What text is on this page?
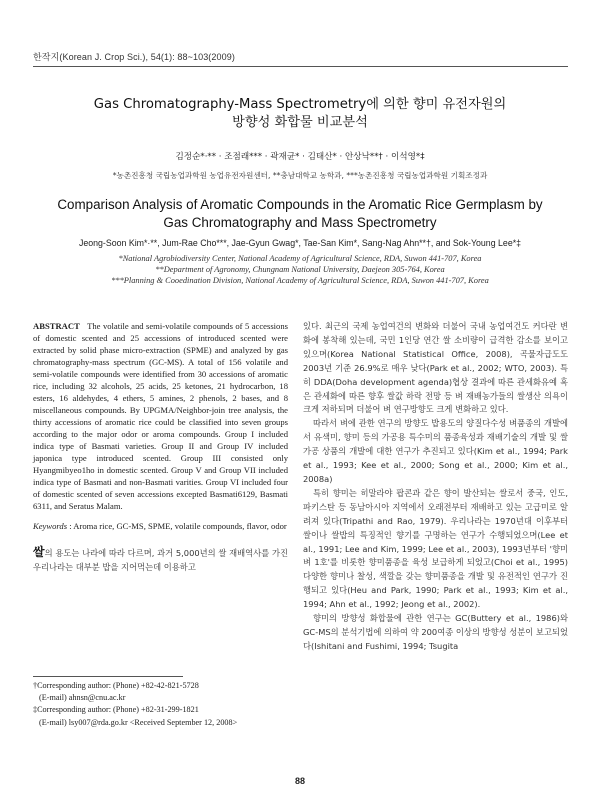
한작지(Korean J. Crop Sci.), 54(1): 88~103(2009)
Gas Chromatography-Mass Spectrometry에 의한 향미 유전자원의
방향성 화합물 비교분석
김정순*·** · 조점래*** · 곽재균* · 김태산* · 안상낙**† · 이석영*‡
*농촌진흥청 국립농업과학원 농업유전자원센터, **충남대학교 농학과, ***농촌진흥청 국립농업과학원 기획조정과
Comparison Analysis of Aromatic Compounds in the Aromatic Rice Germplasm by
Gas Chromatography and Mass Spectrometry
Jeong-Soon Kim*·**, Jum-Rae Cho***, Jae-Gyun Gwag*, Tae-San Kim*, Sang-Nag Ahn**†, and Sok-Young Lee*‡
*National Agrobiodiversity Center, National Academy of Agricultural Science, RDA, Suwon 441-707, Korea
**Department of Agronomy, Chungnam National University, Daejeon 305-764, Korea
***Planning & Cooedination Division, National Academy of Agricultural Science, RDA, Suwon 441-707, Korea

ABSTRACT The volatile and semi-volatile compounds of 5 accessions of domestic scented and 25 accessions of introduced scented were extracted by solid phase micro-extraction (SPME) and analyzed by gas chromatography-mass spectrum (GC-MS). A total of 156 volatile and semi-volatile compounds were identified from 30 accessions of aromatic rice, including 32 alcohols, 25 acids, 25 ketones, 21 hydrocarbon, 18 esters, 16 aldehydes, 4 ethers, 5 amines, 2 phenols, 2 bases, and 8 miscellaneous compounds. By UPGMA/Neighbor-join tree analysis, the thirty accessions of aromatic rice could be classified into seven groups according to the major odor or aroma compounds. Group I included indica type of Basmati varieties. Group II and Group IV included japonica type introduced scented. Group III consisted only Hyangmibyeo1ho in domestic scented. Group V and Group VII included indica type of Basmati and non-Basmati varities. Group VI included four of domestic scented of seven accessions excepted Basmati6129, Basmati 6311, and Seratus Malam.

Keywords : Aroma rice, GC-MS, SPME, volatile compounds, flavor, odor

쌀의 용도는 나라에 따라 다르며, 과거 5,000년의 쌀 재배역사를 가진 우리나라는 대부분 밥을 지어먹는데 이용하고

†Corresponding author: (Phone) +82-42-821-5728
(E-mail) ahnsn@cnu.ac.kr
‡Corresponding author: (Phone) +82-31-299-1821
(E-mail) lsy007@rda.go.kr <Received September 12, 2008>

있다. 최근의 국제 농업여건의 변화와 더불어 국내 농업여건도 커다란 변화에 봉착해 있는데, 국민 1인당 연간 쌀 소비량이 급격한 감소를 보이고 있으며(Korea National Statistical Office, 2008), 곡물자급도도 2003년 기준 26.9%로 매우 낮다(Park et al., 2002; WTO, 2003). 특히 DDA(Doha development agenda)협상 결과에 따른 관세화유예 혹은 관세화에 따른 향후 쌀값 하락 전망 등 벼 재배농가들의 쌀생산 의욕이 크게 저하되며 더불어 벼 연구방향도 크게 변화하고 있다.

따라서 벼에 관한 연구의 방향도 밥용도의 양질다수성 벼품종의 개발에서 유색미, 향미 등의 가공용 특수미의 품종육성과 재배기술의 개발 및 쌀 가공 상품의 개발에 대한 연구가 추진되고 있다(Kim et al., 1994; Park et al., 1993; Kee et al., 2000; Song et al., 2000; Kim et al., 2008a)

특히 향미는 히말라야 팝콘과 같은 향이 발산되는 쌀로서 중국, 인도, 파키스탄 등 동남아시아 지역에서 오래전부터 재배하고 있는 고급미로 알려져 있다(Tripathi and Rao, 1979). 우리나라는 1970년대 이후부터 쌀이나 쌀밥의 특징적인 향기를 구명하는 연구가 수행되었으며(Lee et al., 1991; Lee and Kim, 1999; Lee et al., 2003), 1993년부터 '향미벼 1호'를 비롯한 향미품종을 육성 보급하게 되었고(Choi et al., 1995) 다양한 향미나 찰성, 색깔을 갖는 향미품종을 개발 및 유전적인 연구가 진행되고 있다(Heu and Park, 1990; Park et al., 1993; Kim et al., 1994; Ahn et al., 1992; Jeong et al., 2002).

향미의 방향성 화합물에 관한 연구는 GC(Buttery et al., 1986)와 GC-MS의 분석기법에 의하여 약 200여종 이상의 방향성 성분이 보고되었다(Ishitani and Fushimi, 1994; Tsugita

88
